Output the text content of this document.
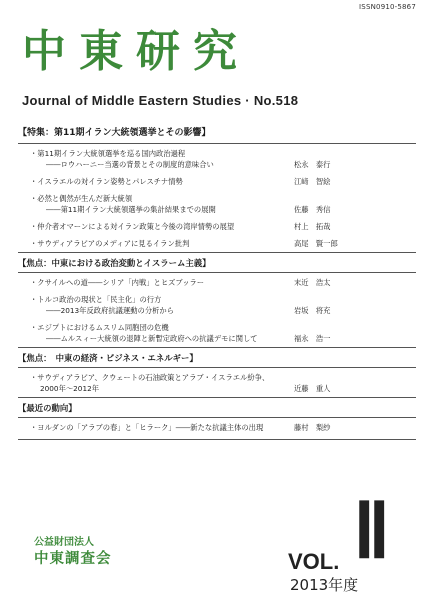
ISSN0910-5867
中東研究
Journal of Middle Eastern Studies · No.518
【特集：第11期イラン大統領選挙とその影響】
・第11期イラン大統領選挙を巡る国内政治過程
――ロウハーニー当選の背景とその制度的意味合い	松永　泰行
・イスラエルの対イラン姿勢とパレスチナ情勢	江﨑　智絵
・必然と偶然が生んだ新大統領
――第11期イラン大統領選挙の集計結果までの展開	佐藤　秀信
・仲介者オマーンによる対イラン政策と今後の湾岸情勢の展望	村上　拓哉
・サウディアラビアのメディアに見るイラン批判	高尾　賢一郎
【焦点：中東における政治変動とイスラーム主義】
・クサイルへの道――シリア「内戦」とヒズブッラー	末近　浩太
・トルコ政治の現状と「民主化」の行方
――2013年反政府抗議運動の分析から	岩坂　将充
・エジプトにおけるムスリム同胞団の危機
――ムルスィー大統領の退陣と新暫定政府への抗議デモに関して	福永　浩一
【焦点：　中東の経済・ビジネス・エネルギー】
・サウディアラビア、クウェートの石油政策とアラブ・イスラエル紛争、
2000年～2012年	近藤　重人
【最近の動向】
・ヨルダンの「アラブの春」と「ヒラーク」――新たな抗議主体の出現	藤村　梨紗
公益財団法人
中東調査会	VOL. Ⅱ
2013年度
